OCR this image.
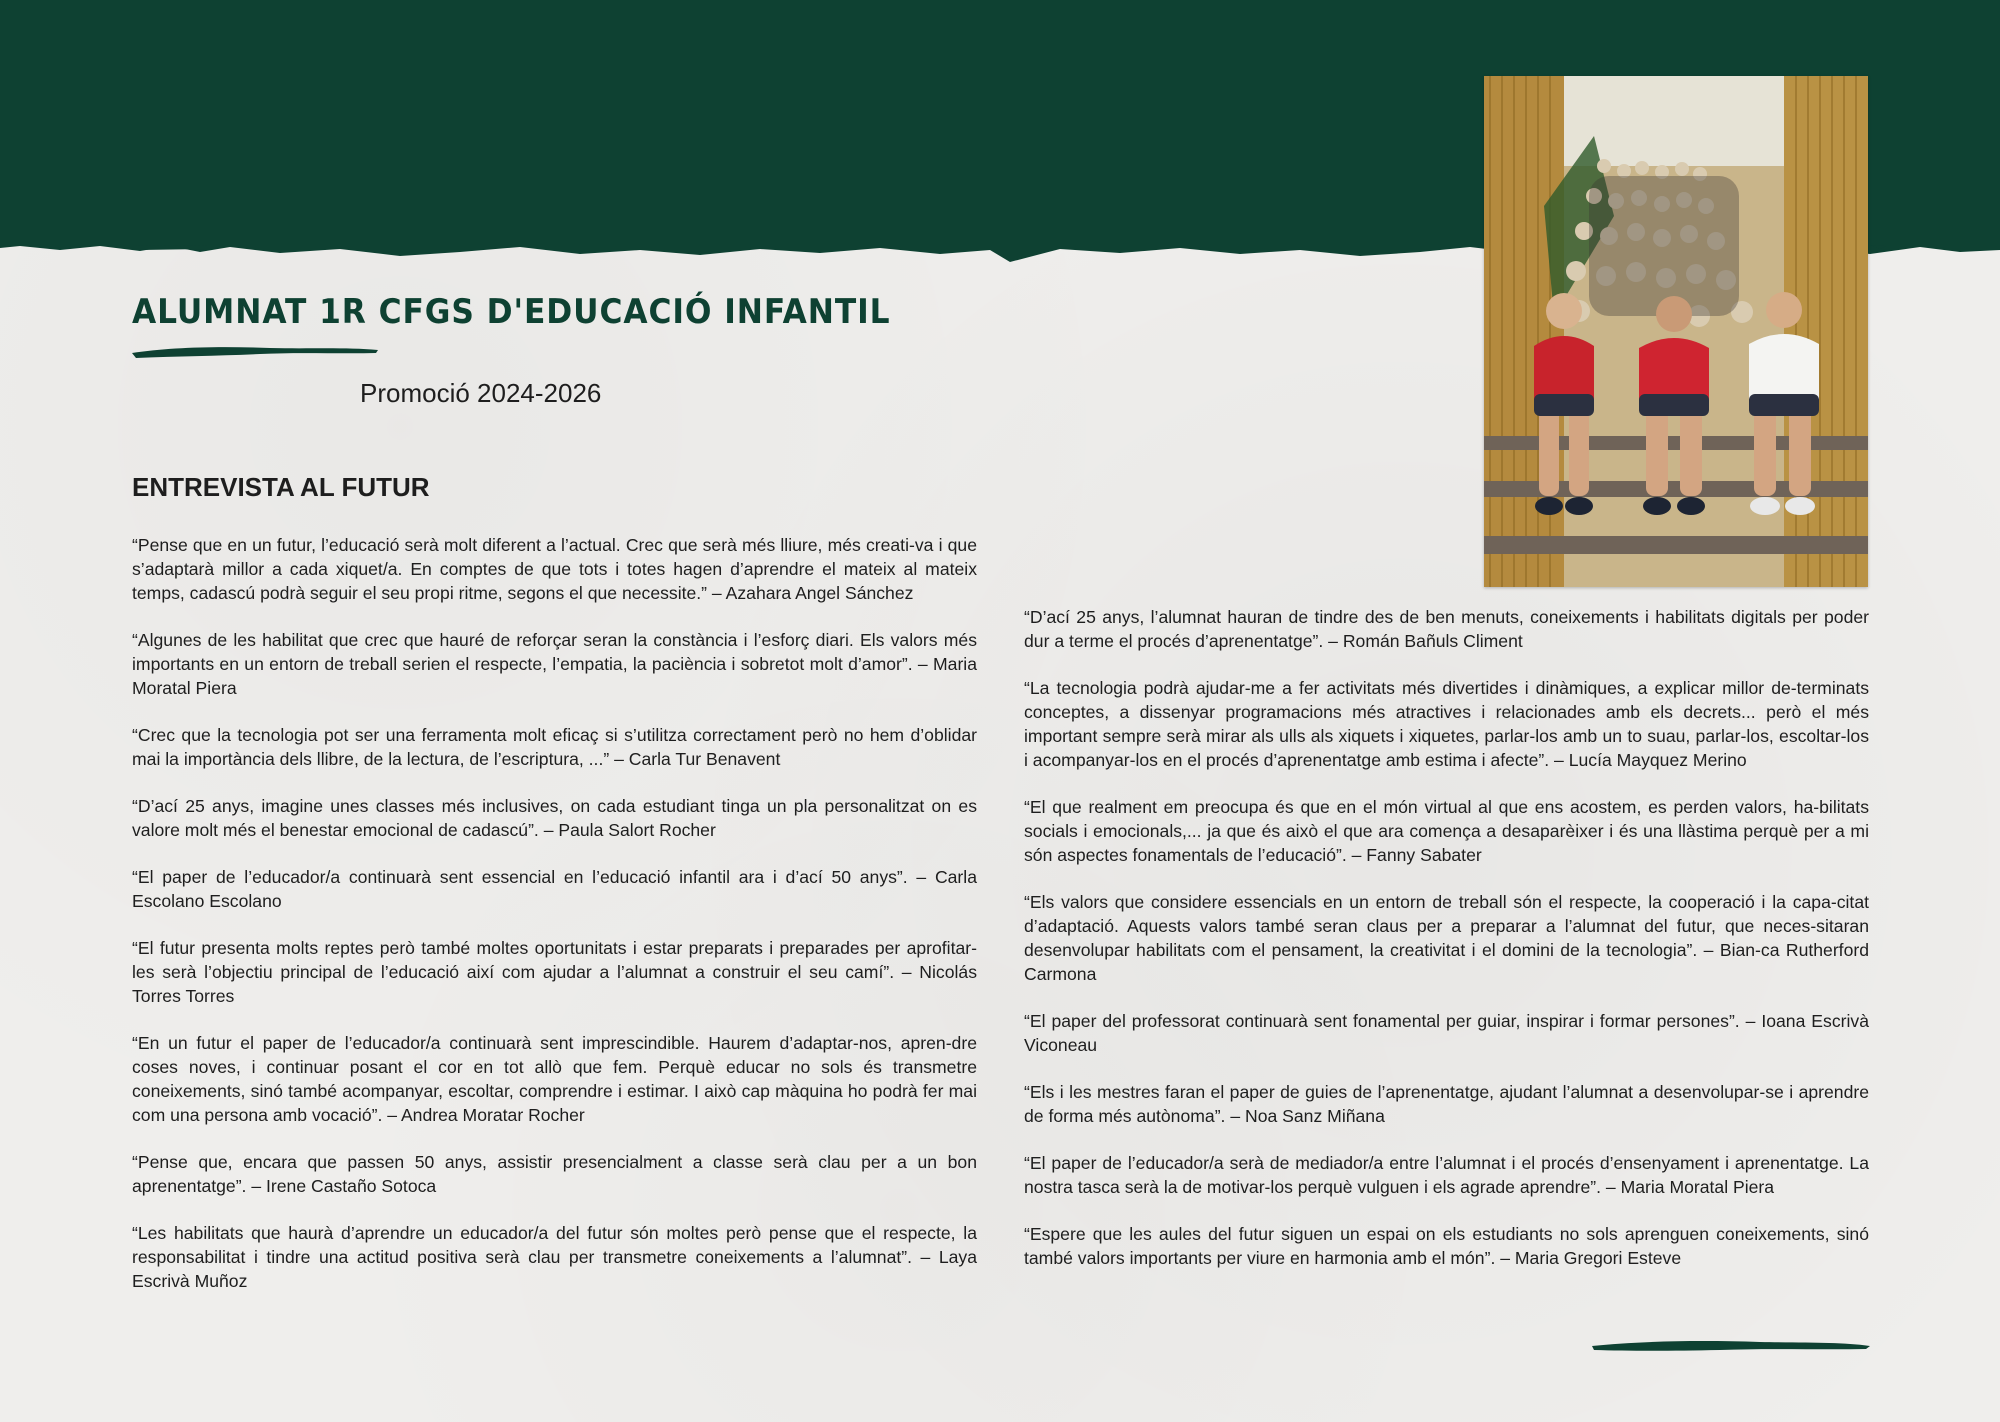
ALUMNAT 1R CFGS D'EDUCACIÓ INFANTIL
Promoció 2024-2026
ENTREVISTA AL FUTUR

“Pense que en un futur, l’educació serà molt diferent a l’actual. Crec que serà més lliure, més creati-va i que s’adaptarà millor a cada xiquet/a. En comptes de que tots i totes hagen d’aprendre el mateix al mateix temps, cadascú podrà seguir el seu propi ritme, segons el que necessite.” – Azahara Angel Sánchez

“Algunes de les habilitat que crec que hauré de reforçar seran la constància i l’esforç diari. Els valors més importants en un entorn de treball serien el respecte, l’empatia, la paciència i sobretot molt d’amor”. – Maria Moratal Piera

“Crec que la tecnologia pot ser una ferramenta molt eficaç si s’utilitza correctament però no hem d’oblidar mai la importància dels llibre, de la lectura, de l’escriptura, ...” – Carla Tur Benavent

“D’ací 25 anys, imagine unes classes més inclusives, on cada estudiant tinga un pla personalitzat on es valore molt més el benestar emocional de cadascú”. – Paula Salort Rocher

“El paper de l’educador/a continuarà sent essencial en l’educació infantil ara i d’ací 50 anys”. – Carla Escolano Escolano

“El futur presenta molts reptes però també moltes oportunitats i estar preparats i preparades per aprofitar-les serà l’objectiu principal de l’educació així com ajudar a l’alumnat a construir el seu camí”. – Nicolás Torres Torres

“En un futur el paper de l’educador/a continuarà sent imprescindible. Haurem d’adaptar-nos, apren-dre coses noves, i continuar posant el cor en tot allò que fem. Perquè educar no sols és transmetre coneixements, sinó també acompanyar, escoltar, comprendre i estimar. I això cap màquina ho podrà fer mai com una persona amb vocació”. – Andrea Moratar Rocher

“Pense que, encara que passen 50 anys, assistir presencialment a classe serà clau per a un bon aprenentatge”. – Irene Castaño Sotoca

“Les habilitats que haurà d’aprendre un educador/a del futur són moltes però pense que el respecte, la responsabilitat i tindre una actitud positiva serà clau per transmetre coneixements a l’alumnat”. – Laya Escrivà Muñoz

“D’ací 25 anys, l’alumnat hauran de tindre des de ben menuts, coneixements i habilitats digitals per poder dur a terme el procés d’aprenentatge”. – Román Bañuls Climent

“La tecnologia podrà ajudar-me a fer activitats més divertides i dinàmiques, a explicar millor de-terminats conceptes, a dissenyar programacions més atractives i relacionades amb els decrets... però el més important sempre serà mirar als ulls als xiquets i xiquetes, parlar-los amb un to suau, parlar-los, escoltar-los i acompanyar-los en el procés d’aprenentatge amb estima i afecte”. – Lucía Mayquez Merino

“El que realment em preocupa és que en el món virtual al que ens acostem, es perden valors, ha-bilitats socials i emocionals,... ja que és això el que ara comença a desaparèixer i és una llàstima perquè per a mi són aspectes fonamentals de l’educació”. – Fanny Sabater

“Els valors que considere essencials en un entorn de treball són el respecte, la cooperació i la capa-citat d’adaptació. Aquests valors també seran claus per a preparar a l’alumnat del futur, que neces-sitaran desenvolupar habilitats com el pensament, la creativitat i el domini de la tecnologia”. – Bian-ca Rutherford Carmona

“El paper del professorat continuarà sent fonamental per guiar, inspirar i formar persones”. – Ioana Escrivà Viconeau

“Els i les mestres faran el paper de guies de l’aprenentatge, ajudant l’alumnat a desenvolupar-se i aprendre de forma més autònoma”. – Noa Sanz Miñana

“El paper de l’educador/a serà de mediador/a entre l’alumnat i el procés d’ensenyament i aprenentatge. La nostra tasca serà la de motivar-los perquè vulguen i els agrade aprendre”. – Maria Moratal Piera

“Espere que les aules del futur siguen un espai on els estudiants no sols aprenguen coneixements, sinó també valors importants per viure en harmonia amb el món”. – Maria Gregori Esteve
